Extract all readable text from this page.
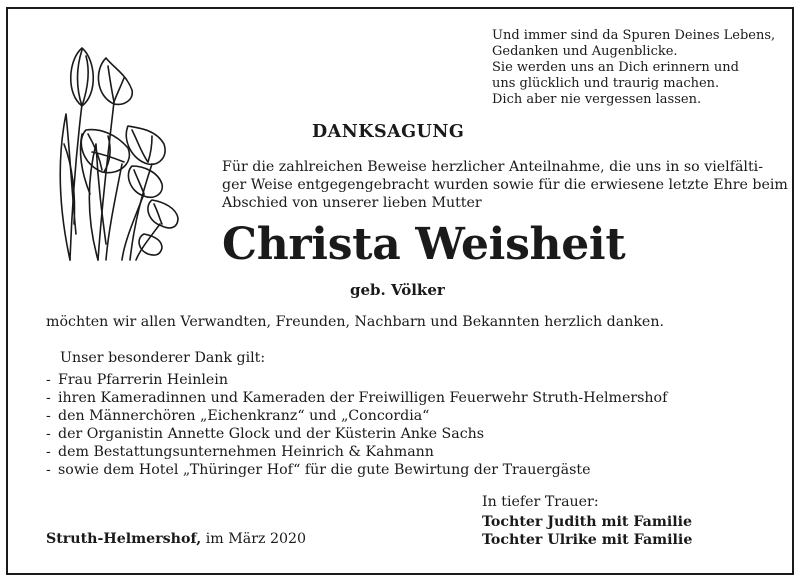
Und immer sind da Spuren Deines Lebens,
Gedanken und Augenblicke.
Sie werden uns an Dich erinnern und
uns glücklich und traurig machen.
Dich aber nie vergessen lassen.
DANKSAGUNG
Für die zahlreichen Beweise herzlicher Anteilnahme, die uns in so vielfälti-
ger Weise entgegengebracht wurden sowie für die erwiesene letzte Ehre beim
Abschied von unserer lieben Mutter
Christa Weisheit
geb. Völker
möchten wir allen Verwandten, Freunden, Nachbarn und Bekannten herzlich danken.
Unser besonderer Dank gilt:
- Frau Pfarrerin Heinlein
- ihren Kameradinnen und Kameraden der Freiwilligen Feuerwehr Struth-Helmershof
- den Männerchören „Eichenkranz“ und „Concordia“
- der Organistin Annette Glock und der Küsterin Anke Sachs
- dem Bestattungsunternehmen Heinrich & Kahmann
- sowie dem Hotel „Thüringer Hof“ für die gute Bewirtung der Trauergäste
In tiefer Trauer:
Tochter Judith mit Familie
Tochter Ulrike mit Familie
Struth-Helmershof, im März 2020
